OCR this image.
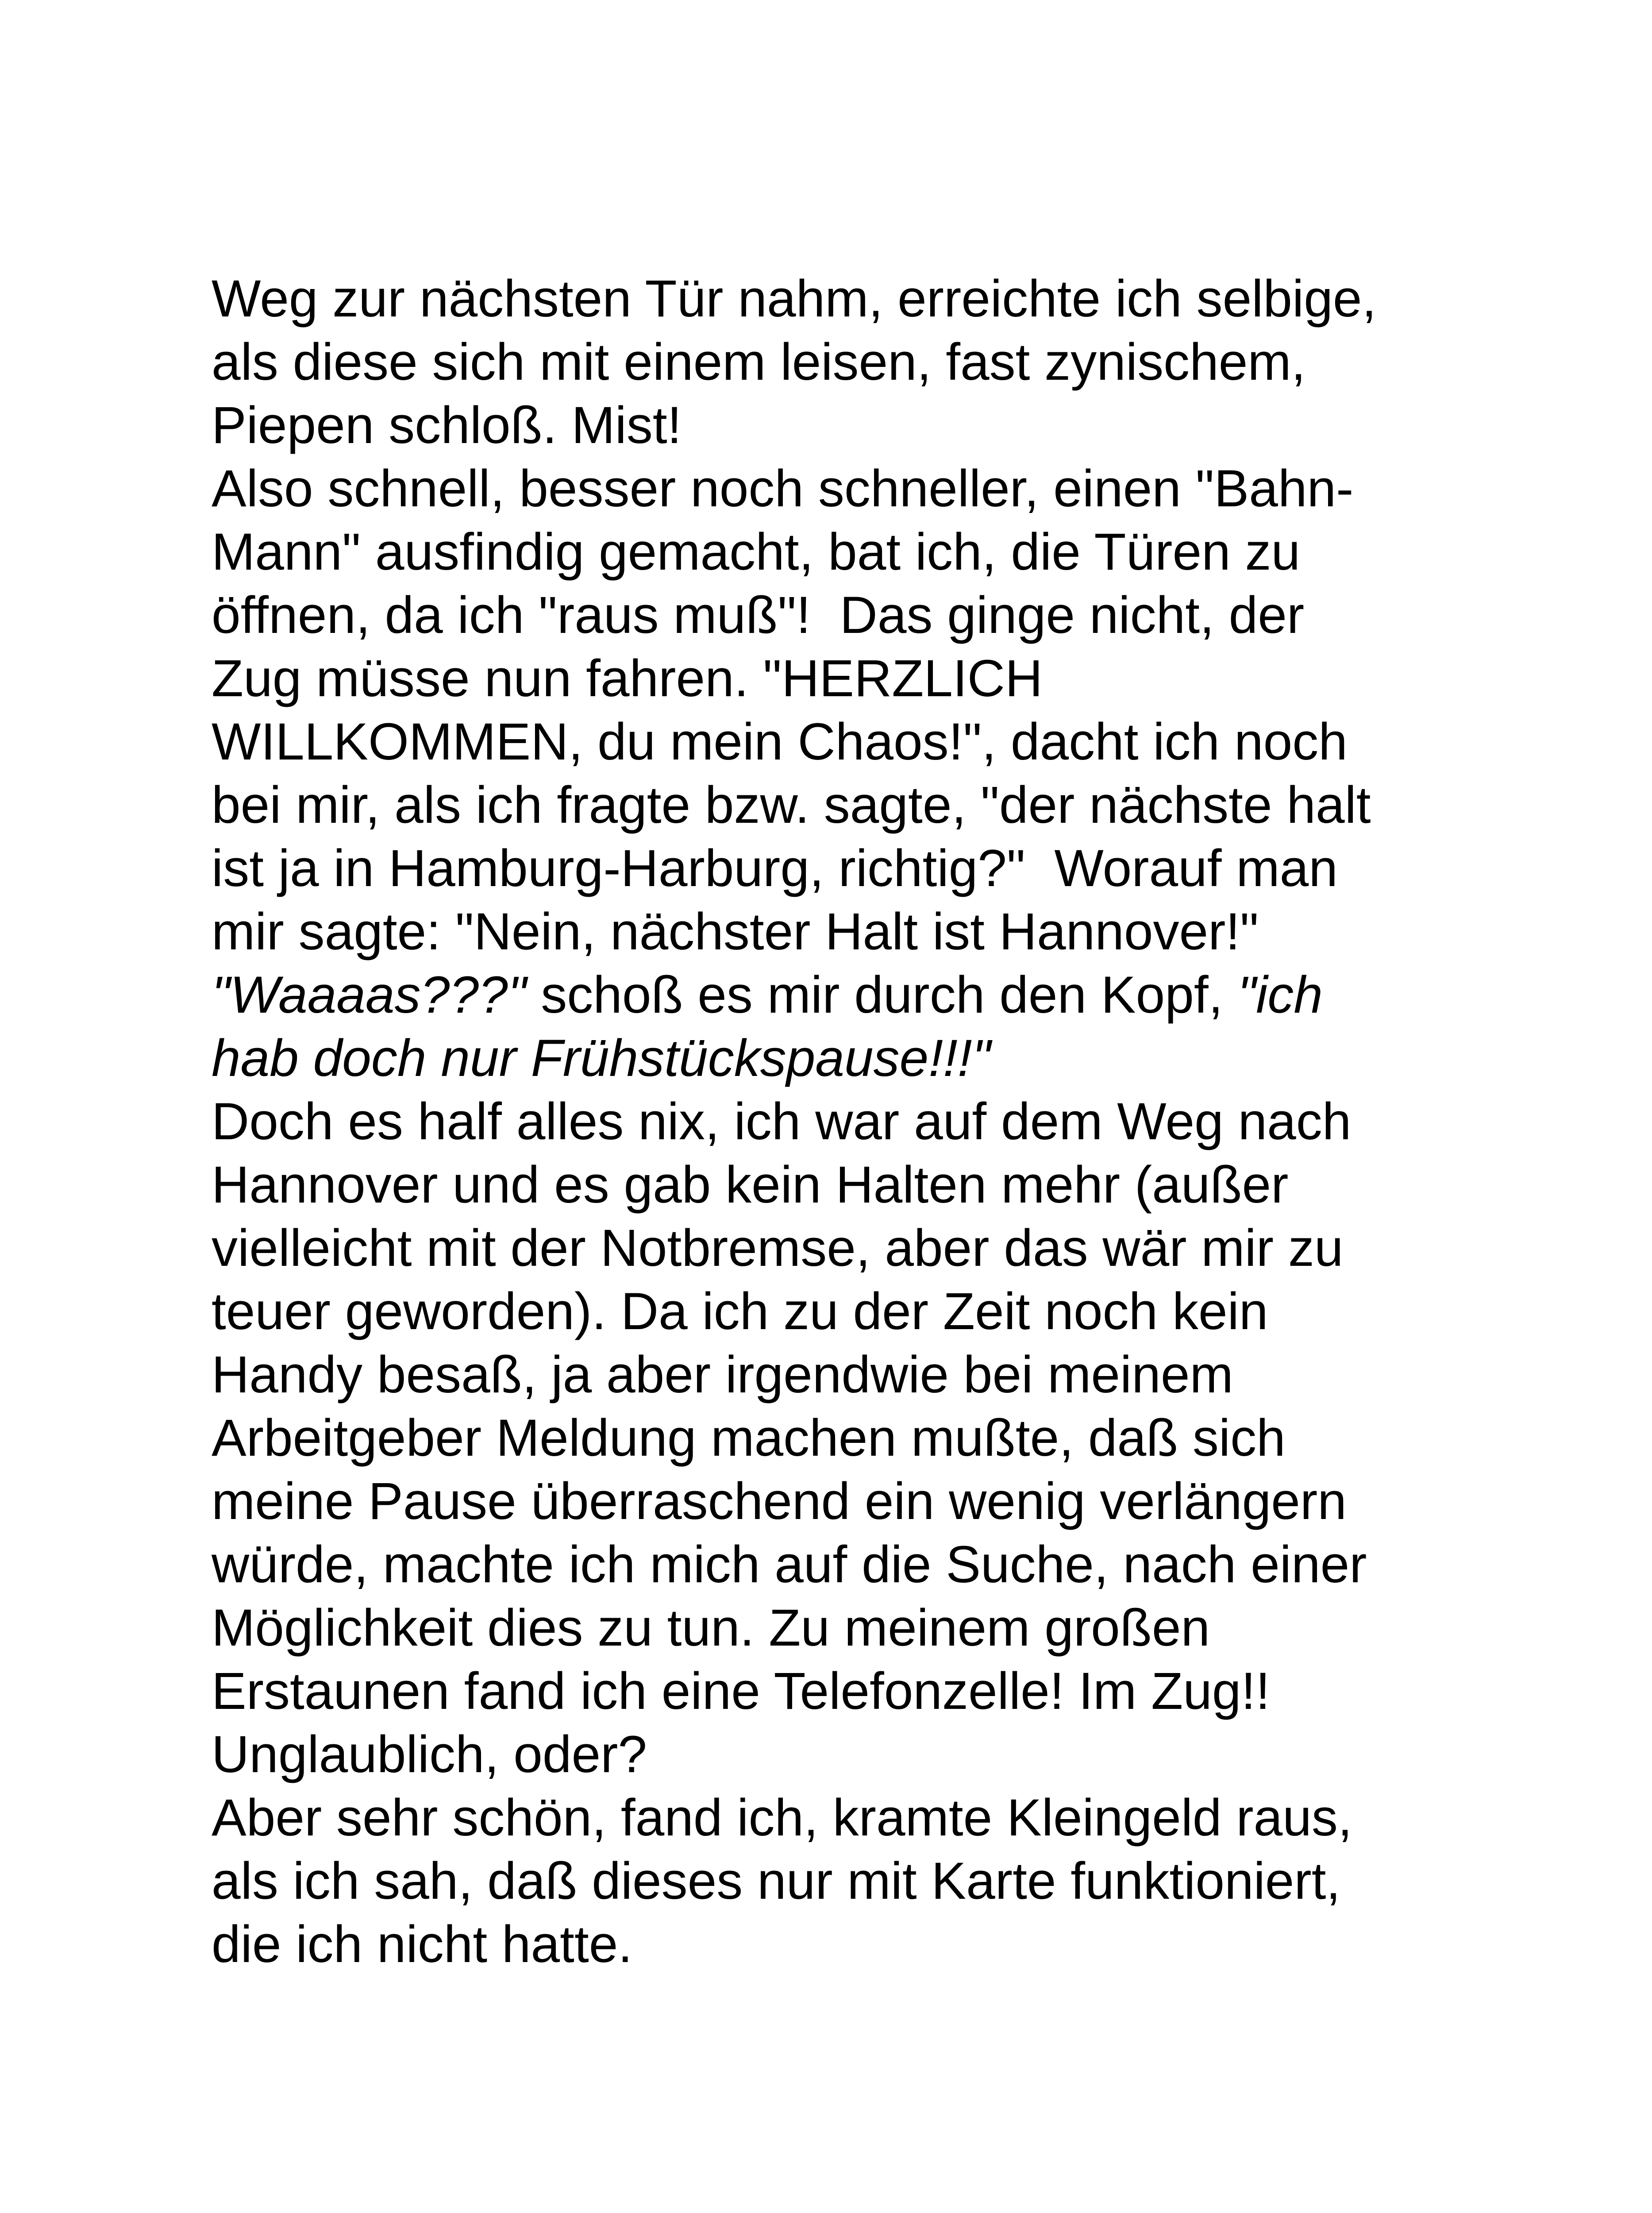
Weg zur nächsten Tür nahm, erreichte ich selbige,
als diese sich mit einem leisen, fast zynischem,
Piepen schloß. Mist!
Also schnell, besser noch schneller, einen "Bahn-
Mann" ausfindig gemacht, bat ich, die Türen zu
öffnen, da ich "raus muß"!  Das ginge nicht, der
Zug müsse nun fahren. "HERZLICH
WILLKOMMEN, du mein Chaos!", dacht ich noch
bei mir, als ich fragte bzw. sagte, "der nächste halt
ist ja in Hamburg-Harburg, richtig?"  Worauf man
mir sagte: "Nein, nächster Halt ist Hannover!"
"Waaaas???" schoß es mir durch den Kopf, "ich
hab doch nur Frühstückspause!!!"
Doch es half alles nix, ich war auf dem Weg nach
Hannover und es gab kein Halten mehr (außer
vielleicht mit der Notbremse, aber das wär mir zu
teuer geworden). Da ich zu der Zeit noch kein
Handy besaß, ja aber irgendwie bei meinem
Arbeitgeber Meldung machen mußte, daß sich
meine Pause überraschend ein wenig verlängern
würde, machte ich mich auf die Suche, nach einer
Möglichkeit dies zu tun. Zu meinem großen
Erstaunen fand ich eine Telefonzelle! Im Zug!!
Unglaublich, oder?
Aber sehr schön, fand ich, kramte Kleingeld raus,
als ich sah, daß dieses nur mit Karte funktioniert,
die ich nicht hatte.
